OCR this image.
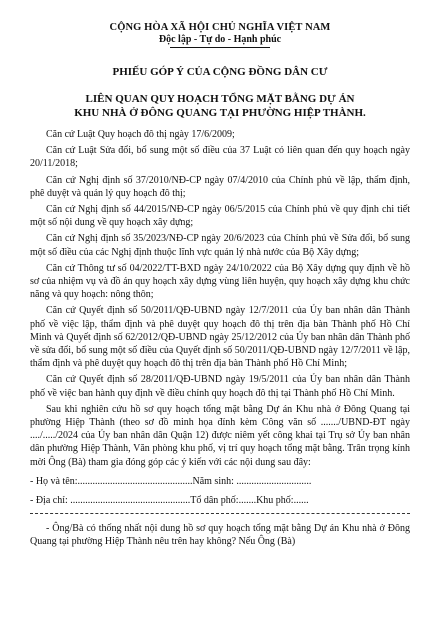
CỘNG HÒA XÃ HỘI CHỦ NGHĨA VIỆT NAM
Độc lập - Tự do - Hạnh phúc
PHIẾU GÓP Ý CỦA CỘNG ĐỒNG DÂN CƯ
LIÊN QUAN QUY HOẠCH TỔNG MẶT BẰNG DỰ ÁN
KHU NHÀ Ở ĐÔNG QUANG TẠI PHƯỜNG HIỆP THÀNH.

Căn cứ Luật Quy hoạch đô thị ngày 17/6/2009;

Căn cứ Luật Sửa đổi, bổ sung một số điều của 37 Luật có liên quan đến quy hoạch ngày 20/11/2018;

Căn cứ Nghị định số 37/2010/NĐ-CP ngày 07/4/2010 của Chính phủ về lập, thẩm định, phê duyệt và quản lý quy hoạch đô thị;

Căn cứ Nghị định số 44/2015/NĐ-CP ngày 06/5/2015 của Chính phủ về quy định chi tiết một số nội dung về quy hoạch xây dựng;

Căn cứ Nghị định số 35/2023/NĐ-CP ngày 20/6/2023 của Chính phủ về Sửa đổi, bổ sung một số điều của các Nghị định thuộc lĩnh vực quản lý nhà nước của Bộ Xây dựng;

Căn cứ Thông tư số 04/2022/TT-BXD ngày 24/10/2022 của Bộ Xây dựng quy định về hồ sơ của nhiệm vụ và đồ án quy hoạch xây dựng vùng liên huyện, quy hoạch xây dựng khu chức năng và quy hoạch: nông thôn;

Căn cứ Quyết định số 50/2011/QĐ-UBND ngày 12/7/2011 của Ủy ban nhân dân Thành phố về việc lập, thẩm định và phê duyệt quy hoạch đô thị trên địa bàn Thành phố Hồ Chí Minh và Quyết định số 62/2012/QĐ-UBND ngày 25/12/2012 của Ủy ban nhân dân Thành phố về sửa đổi, bổ sung một số điều của Quyết định số 50/2011/QĐ-UBND ngày 12/7/2011 về lập, thẩm định và phê duyệt quy hoạch đô thị trên địa bàn Thành phố Hồ Chí Minh;

Căn cứ Quyết định số 28/2011/QĐ-UBND ngày 19/5/2011 của Ủy ban nhân dân Thành phố về việc ban hành quy định về điều chỉnh quy hoạch đô thị tại Thành phố Hồ Chí Minh.

Sau khi nghiên cứu hồ sơ quy hoạch tổng mặt bằng Dự án Khu nhà ở Đông Quang tại phường Hiệp Thành (theo sơ đồ minh họa đính kèm Công văn số ......./UBND-ĐT ngày ..../...../2024 của Ủy ban nhân dân Quận 12) được niêm yết công khai tại Trụ sở Ủy ban nhân dân phường Hiệp Thành, Văn phòng khu phố, vị trí quy hoạch tổng mặt bằng. Trân trọng kính mời Ông (Bà) tham gia đóng góp các ý kiến với các nội dung sau đây:

- Họ và tên:..............................................Năm sinh: ..............................
- Địa chỉ: ................................................Tổ dân phố:.......Khu phố:......

- Ông/Bà có thống nhất nội dung hồ sơ quy hoạch tổng mặt bằng Dự án Khu nhà ở Đông Quang tại phường Hiệp Thành nêu trên hay không? Nếu Ông (Bà)
